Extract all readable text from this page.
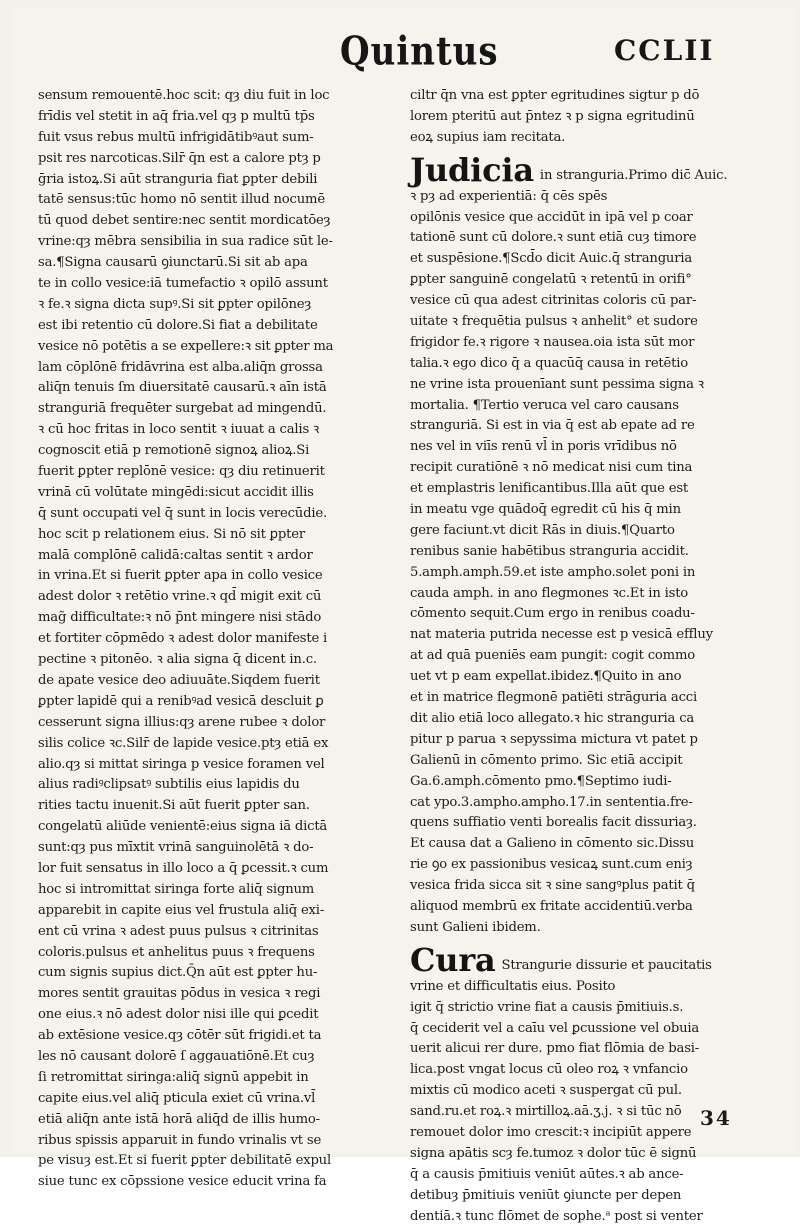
Quintus	CCLII
sensum remouentē.hoc scit: qȝ diu fuit in loc
frīdis vel stetit in aq̄ fria.vel qȝ p multū tp̄s
fuit vsus rebus multū infrigidātibꝰaut sum-
psit res narcoticas.Silr̄ q̄n est a calore ptȝ p
ḡria istoꝝ.Si aūt stranguria fiat ꝑpter debili
tatē sensus:tūc homo nō sentit illud nocumē
tū quod debet sentire:nec sentit mordicatōeȝ
vrine:qȝ mēbra sensibilia in sua radice sūt le-
sa.¶Signa causarū ꝯiunctarū.Si sit ab apa
te in collo vesice:iā tumefactio ꝛ opilō assunt
ꝛ fe.ꝛ signa dicta supꝰ.Si sit ꝑpter opilōneȝ
est ibi retentio cū dolore.Si fiat a debilitate
vesice nō potētis a se expellere:ꝛ sit ꝑpter ma
lam cōplōnē fridāvrina est alba.aliq̄n grossa
aliq̄n tenuis ſm diuersitatē causarū.ꝛ aīn istā
stranguriā frequēter surgebat ad mingendū.
ꝛ cū hoc fritas in loco sentit ꝛ iuuat a calis ꝛ
cognoscit etiā p remotionē signoꝝ alioꝝ.Si
fuerit ꝑpter replōnē vesice: qȝ diu retinuerit
vrinā cū volūtate mingēdi:sicut accidit illis
q̄ sunt occupati vel q̄ sunt in locis verecūdie.
hoc scit p relationem eius. Si nō sit ꝑpter
malā complōnē calidā:caltas sentit ꝛ ardor
in vrina.Et si fuerit ꝑpter apa in collo vesice
adest dolor ꝛ retētio vrine.ꝛ qd̄ migit exit cū
mag̃ difficultate:ꝛ nō p̄nt mingere nisi stādo
et fortiter cōpmēdo ꝛ adest dolor manifeste i
pectine ꝛ pitonēo. ꝛ alia signa q̄ dicent in.c.
de apate vesice deo adiuuāte.Siqdem fuerit
ꝑpter lapidē qui a renibꝰad vesicā descluit ꝑ
cesserunt signa illius:qȝ arene rubee ꝛ dolor
silis colice ꝛc.Silr̄ de lapide vesice.ptȝ etiā ex
alio.qȝ si mittat siringa p vesice foramen vel
alius radiꝰclipsatꝰ subtilis eius lapidis du
rities tactu inuenit.Si aūt fuerit ꝑpter san.
congelatū aliūde venientē:eius signa iā dictā
sunt:qȝ pus mīxtit vrinā sanguinolētā ꝛ do-
lor fuit sensatus in illo loco a q̄ ꝑcessit.ꝛ cum
hoc si intromittat siringa forte aliq̄ signum
apparebit in capite eius vel frustula aliq̄ exi-
ent cū vrina ꝛ adest puus pulsus ꝛ citrinitas
coloris.pulsus et anhelitus puus ꝛ frequens
cum signis supius dict.Q̄n aūt est ꝑpter hu-
mores sentit grauitas pōdus in vesica ꝛ regi
one eius.ꝛ nō adest dolor nisi ille qui ꝑcedit
ab extēsione vesice.qȝ cōtēr sūt frigidi.et ta
les nō causant dolorē ſ aggauatiōnē.Et cuȝ
ſi retromittat siringa:aliq̄ signū appebit in
capite eius.vel aliq̄ pticula exiet cū vrina.vl̄
etiā aliq̄n ante istā horā aliq̄d de illis humo-
ribus spissis apparuit in fundo vrinalis vt se
pe visuȝ est.Et si fuerit ꝑpter debilitatē expul
siue tunc ex cōpssione vesice educit vrina fa
ciltr q̄n vna est ꝑpter egritudines sigtur p dō
lorem pteritū aut p̄ntez ꝛ p signa egritudinū
eoꝝ supius iam recitata.
Judicia in stranguria.Primo dic̄ Auic.
ꝛ pȝ ad experientiā: q̄ cēs spēs
opilōnis vesice que accidūt in ipā vel p coar
tationē sunt cū dolore.ꝛ sunt etiā cuȝ timore
et suspēsione.¶Scd̄o dicit Auic.q̄ stranguria
ꝑpter sanguinē congelatū ꝛ retentū in orifi°
vesice cū qua adest citrinitas coloris cū par-
uitate ꝛ frequētia pulsus ꝛ anhelit° et sudore
frigidor fe.ꝛ rigore ꝛ nausea.oia ista sūt mor
talia.ꝛ ego dico q̄ a quacūq̄ causa in retētio
ne vrine ista prouenīant sunt pessima signa ꝛ
mortalia. ¶Tertio veruca vel caro causans
stranguriā. Si est in via q̄ est ab epate ad re
nes vel in viīs renū vl̄ in poris vrīdibus nō
recipit curatiōnē ꝛ nō medicat nisi cum tina
et emplastris lenificantibus.Illa aūt que est
in meatu vge quādoq̄ egredit cū his q̄ min
gere faciunt.vt dicit Rās in diuis.¶Quarto
renibus sanie habētibus stranguria accidit.
5.amph.amph.59.et iste ampho.solet poni in
cauda amph. in ano flegmones ꝛc.Et in isto
cōmento sequit.Cum ergo in renibus coadu-
nat materia putrida necesse est p vesicā effluy
at ad quā pueniēs eam pungit: cogit commo
uet vt p eam expellat.ibidez.¶Quito in ano
et in matrice flegmonē patiēti strāguria acci
dit alio etiā loco allegato.ꝛ hic stranguria ca
pitur p parua ꝛ sepyssima mictura vt patet p
Galienū in cōmento primo. Sic etiā accipit
Ga.6.amph.cōmento pmo.¶Septimo iudi-
cat ypo.3.ampho.ampho.17.in sententia.fre-
quens suffiatio venti borealis facit dissuriaȝ.
Et causa dat a Galieno in cōmento sic.Dissu
rie ꝯo ex passionibus vesicaꝝ sunt.cum eniȝ
vesica frida sicca sit ꝛ sine sangꝰplus patit q̄
aliquod membrū ex fritate accidentiū.verba
sunt Galieni ibidem.
Cura Strangurie dissurie et paucitatis
vrine et difficultatis eius. Posito
igit q̄ strictio vrine fiat a causis p̄mitiuis.s.
q̄ ceciderit vel a caīu vel ꝑcussione vel obuia
uerit alicui rer dure. pmo fiat flōmia de basi-
lica.post vngat locus cū oleo roꝝ ꝛ vnfancio
mixtis cū modico aceti ꝛ suspergat cū pul.
sand.ru.et roꝝ.ꝛ mirtilloꝝ.aā.ʒ.j. ꝛ si tūc nō
remouet dolor imo crescit:ꝛ incipiūt appere
signa apātis scȝ fe.tumoz ꝛ dolor tūc ē signū
q̄ a causis p̄mitiuis veniūt aūtes.ꝛ ab ance-
detibuȝ p̄mitiuis veniūt ꝯiuncte per depen
dentiā.ꝛ tunc flōmet de sophe.ᵃ post si venter
34
